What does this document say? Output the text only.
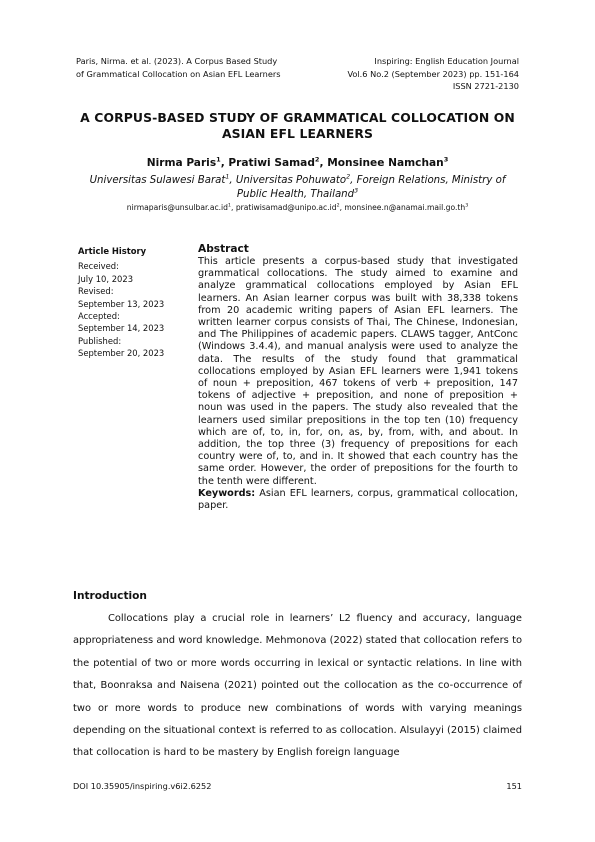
Paris, Nirma. et al. (2023). A Corpus Based Study
of Grammatical Collocation on Asian EFL Learners
Inspiring: English Education Journal
Vol.6 No.2 (September 2023) pp. 151-164
ISSN 2721-2130
A CORPUS-BASED STUDY OF GRAMMATICAL COLLOCATION ON
ASIAN EFL LEARNERS
Nirma Paris$^1$, Pratiwi Samad$^2$, Monsinee Namchan$^3$
Universitas Sulawesi Barat$^1$, Universitas Pohuwato$^2$, Foreign Relations, Ministry of
Public Health, Thailand$^3$
$nirmaparis@unsulbar.ac.id^1$, $pratiwisamad@unipo.ac.id^2$, $monsinee.n@anamai.mail.go.th^3$
Article History
Received:
July 10, 2023
Revised:
September 13, 2023
Accepted:
September 14, 2023
Published:
September 20, 2023
Abstract

This article presents a corpus-based study that investigated grammatical collocations. The study aimed to examine and analyze grammatical collocations employed by Asian EFL learners. An Asian learner corpus was built with 38,338 tokens from 20 academic writing papers of Asian EFL learners. The written learner corpus consists of Thai, The Chinese, Indonesian, and The Philippines of academic papers. CLAWS tagger, AntConc (Windows 3.4.4), and manual analysis were used to analyze the data. The results of the study found that grammatical collocations employed by Asian EFL learners were 1,941 tokens of noun + preposition, 467 tokens of verb + preposition, 147 tokens of adjective + preposition, and none of preposition + noun was used in the papers. The study also revealed that the learners used similar prepositions in the top ten (10) frequency which are of, to, in, for, on, as, by, from, with, and about. In addition, the top three (3) frequency of prepositions for each country were of, to, and in. It showed that each country has the same order. However, the order of prepositions for the fourth to the tenth were different.

Keywords: Asian EFL learners, corpus, grammatical collocation, paper.

Introduction

Collocations play a crucial role in learners’ L2 fluency and accuracy, language appropriateness and word knowledge. Mehmonova (2022) stated that collocation refers to the potential of two or more words occurring in lexical or syntactic relations. In line with that, Boonraksa and Naisena (2021) pointed out the collocation as the co-occurrence of two or more words to produce new combinations of words with varying meanings depending on the situational context is referred to as collocation. Alsulayyi (2015) claimed that collocation is hard to be mastery by English foreign language

DOI 10.35905/inspiring.v6i2.6252	151
